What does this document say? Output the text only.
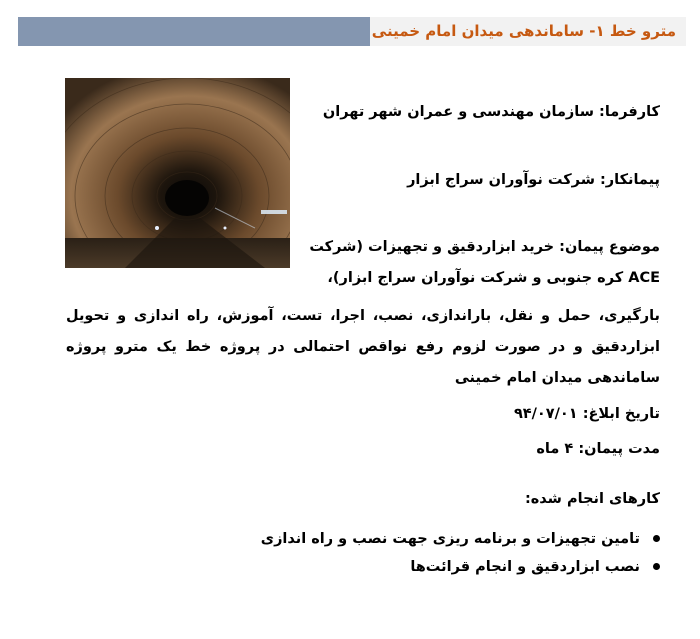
مترو خط ۱- ساماندهی میدان امام خمینی
کارفرما: سازمان مهندسی و عمران شهر تهران
پیمانکار: شرکت نوآوران سراج ابزار
موضوع پیمان: خرید ابزاردقیق و تجهیزات (شرکت
ACE کره جنوبی و شرکت نوآوران سراج ابزار)،
بارگیری، حمل و نقل، باراندازی، نصب، اجرا، تست، آموزش، راه اندازی و تحویل ابزاردقیق و در صورت لزوم رفع نواقص احتمالی در پروژه خط یک مترو پروژه ساماندهی میدان امام خمینی
تاریخ ابلاغ: ۹۴/۰۷/۰۱
مدت پیمان: ۴ ماه
کارهای انجام شده:
تامین تجهیزات و برنامه ریزی جهت نصب و راه اندازی
نصب ابزاردقیق و انجام قرائت‌ها
